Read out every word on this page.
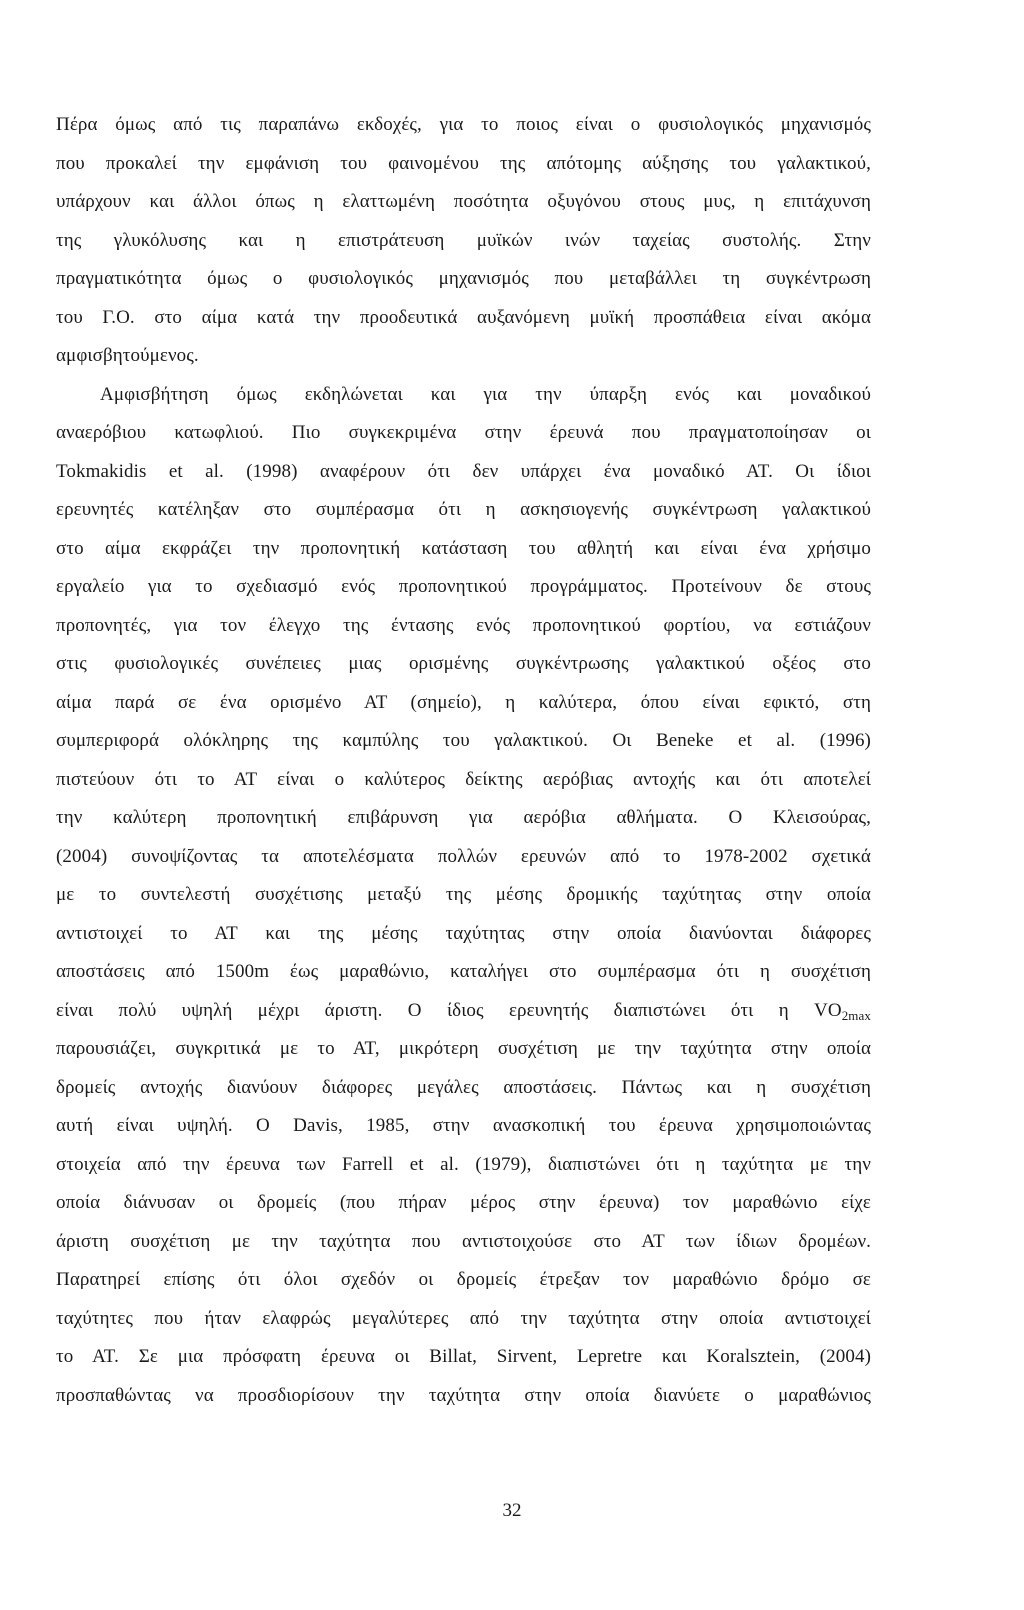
Πέρα όμως από τις παραπάνω εκδοχές, για το ποιος είναι ο φυσιολογικός μηχανισμός
που προκαλεί την εμφάνιση του φαινομένου της απότομης αύξησης του γαλακτικού,
υπάρχουν και άλλοι όπως η ελαττωμένη ποσότητα οξυγόνου στους μυς, η επιτάχυνση
της γλυκόλυσης και η επιστράτευση μυϊκών ινών ταχείας συστολής. Στην
πραγματικότητα όμως ο φυσιολογικός μηχανισμός που μεταβάλλει τη συγκέντρωση
του Γ.Ο. στο αίμα κατά την προοδευτικά αυξανόμενη μυϊκή προσπάθεια είναι ακόμα
αμφισβητούμενος.
Αμφισβήτηση όμως εκδηλώνεται και για την ύπαρξη ενός και μοναδικού
αναερόβιου κατωφλιού. Πιο συγκεκριμένα στην έρευνά που πραγματοποίησαν οι
Tokmakidis et al. (1998) αναφέρουν ότι δεν υπάρχει ένα μοναδικό ΑΤ. Οι ίδιοι
ερευνητές κατέληξαν στο συμπέρασμα ότι η ασκησιογενής συγκέντρωση γαλακτικού
στο αίμα εκφράζει την προπονητική κατάσταση του αθλητή και είναι ένα χρήσιμο
εργαλείο για το σχεδιασμό ενός προπονητικού προγράμματος. Προτείνουν δε στους
προπονητές, για τον έλεγχο της έντασης ενός προπονητικού φορτίου, να εστιάζουν
στις φυσιολογικές συνέπειες μιας ορισμένης συγκέντρωσης γαλακτικού οξέος στο
αίμα παρά σε ένα ορισμένο ΑΤ (σημείο), η καλύτερα, όπου είναι εφικτό, στη
συμπεριφορά ολόκληρης της καμπύλης του γαλακτικού. Οι Beneke et al. (1996)
πιστεύουν ότι το ΑΤ είναι ο καλύτερος δείκτης αερόβιας αντοχής και ότι αποτελεί
την καλύτερη προπονητική επιβάρυνση για αερόβια αθλήματα. Ο Κλεισούρας,
(2004) συνοψίζοντας τα αποτελέσματα πολλών ερευνών από το 1978-2002 σχετικά
με το συντελεστή συσχέτισης μεταξύ της μέσης δρομικής ταχύτητας στην οποία
αντιστοιχεί το ΑΤ και της μέσης ταχύτητας στην οποία διανύονται διάφορες
αποστάσεις από 1500m έως μαραθώνιο, καταλήγει στο συμπέρασμα ότι η συσχέτιση
είναι πολύ υψηλή μέχρι άριστη. Ο ίδιος ερευνητής διαπιστώνει ότι η $VO_{2max}$
παρουσιάζει, συγκριτικά με το ΑΤ, μικρότερη συσχέτιση με την ταχύτητα στην οποία
δρομείς αντοχής διανύουν διάφορες μεγάλες αποστάσεις. Πάντως και η συσχέτιση
αυτή είναι υψηλή. Ο Davis, 1985, στην ανασκοπική του έρευνα χρησιμοποιώντας
στοιχεία από την έρευνα των Farrell et al. (1979), διαπιστώνει ότι η ταχύτητα με την
οποία διάνυσαν οι δρομείς (που πήραν μέρος στην έρευνα) τον μαραθώνιο είχε
άριστη συσχέτιση με την ταχύτητα που αντιστοιχούσε στο ΑΤ των ίδιων δρομέων.
Παρατηρεί επίσης ότι όλοι σχεδόν οι δρομείς έτρεξαν τον μαραθώνιο δρόμο σε
ταχύτητες που ήταν ελαφρώς μεγαλύτερες από την ταχύτητα στην οποία αντιστοιχεί
το ΑΤ. Σε μια πρόσφατη έρευνα οι Billat, Sirvent, Lepretre και Koralsztein, (2004)
προσπαθώντας να προσδιορίσουν την ταχύτητα στην οποία διανύετε ο μαραθώνιος
32
